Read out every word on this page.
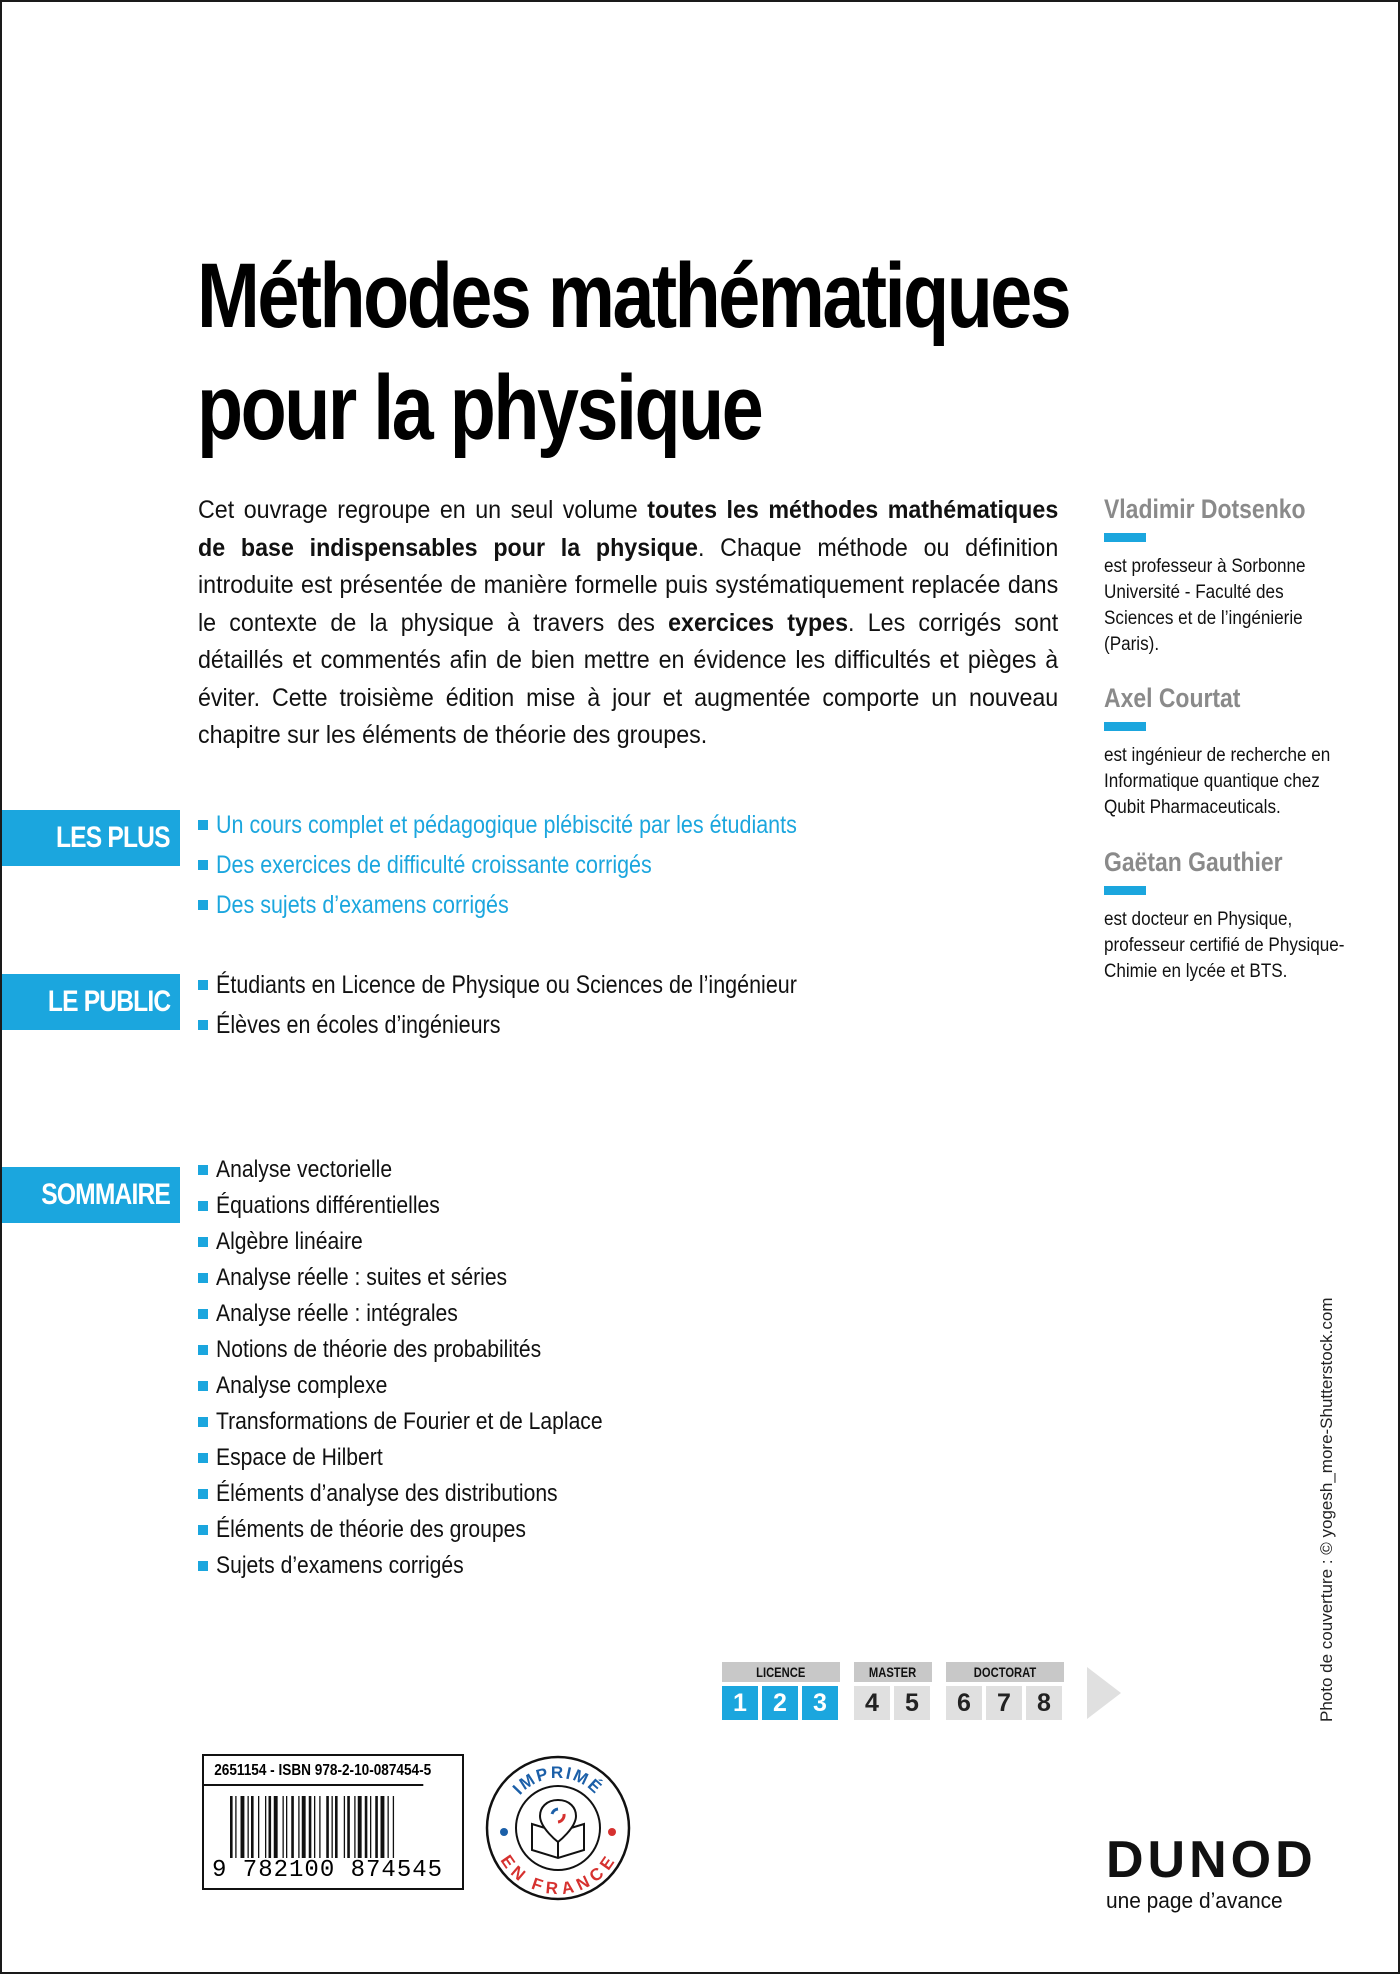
Méthodes mathématiques
pour la physique
Cet ouvrage regroupe en un seul volume toutes les méthodes mathématiques de base indispensables pour la physique. Chaque méthode ou définition introduite est présentée de manière formelle puis systématiquement replacée dans le contexte de la physique à travers des exercices types. Les corrigés sont détaillés et commentés afin de bien mettre en évidence les difficultés et pièges à éviter. Cette troisième édition mise à jour et augmentée comporte un nouveau chapitre sur les éléments de théorie des groupes.
LES PLUS	Un cours complet et pédagogique plébiscité par les étudiants
Des exercices de difficulté croissante corrigés
Des sujets d’examens corrigés
LE PUBLIC	Étudiants en Licence de Physique ou Sciences de l’ingénieur
Élèves en écoles d’ingénieurs
SOMMAIRE
Analyse vectorielle
Équations différentielles
Algèbre linéaire
Analyse réelle : suites et séries
Analyse réelle : intégrales
Notions de théorie des probabilités
Analyse complexe
Transformations de Fourier et de Laplace
Espace de Hilbert
Éléments d’analyse des distributions
Éléments de théorie des groupes
Sujets d’examens corrigés
Vladimir Dotsenko
est professeur à Sorbonne Université - Faculté des Sciences et de l’ingénierie (Paris).
Axel Courtat
est ingénieur de recherche en Informatique quantique chez Qubit Pharmaceuticals.
Gaëtan Gauthier
est docteur en Physique, professeur certifié de Physique-Chimie en lycée et BTS.
Photo de couverture : © yogesh_more-Shutterstock.com
LICENCE
1	2	3
MASTER
4	5
DOCTORAT
6	7	8
2651154 - ISBN 978-2-10-087454-5
9 782100 874545
IMPRIMÉ
EN FRANCE	DUNOD
une page d’avance
